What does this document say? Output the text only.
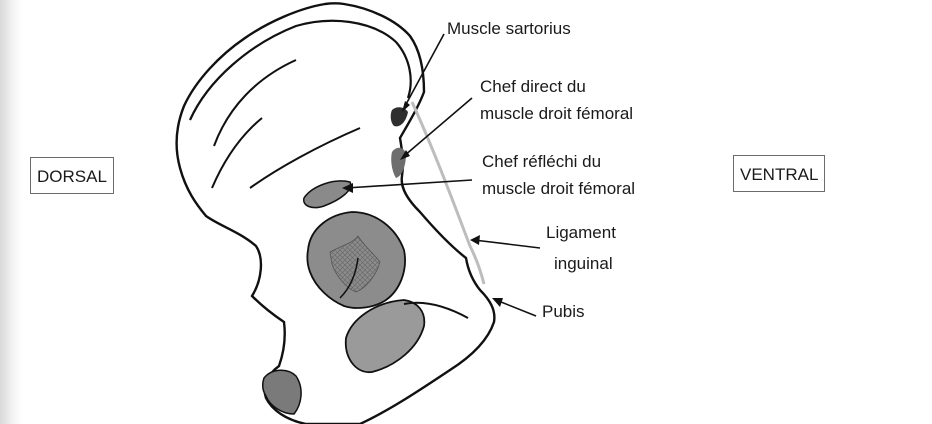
DORSAL	VENTRAL
Muscle sartorius
Chef direct du
muscle droit fémoral
Chef réfléchi du
muscle droit fémoral
Ligament
inguinal
Pubis
